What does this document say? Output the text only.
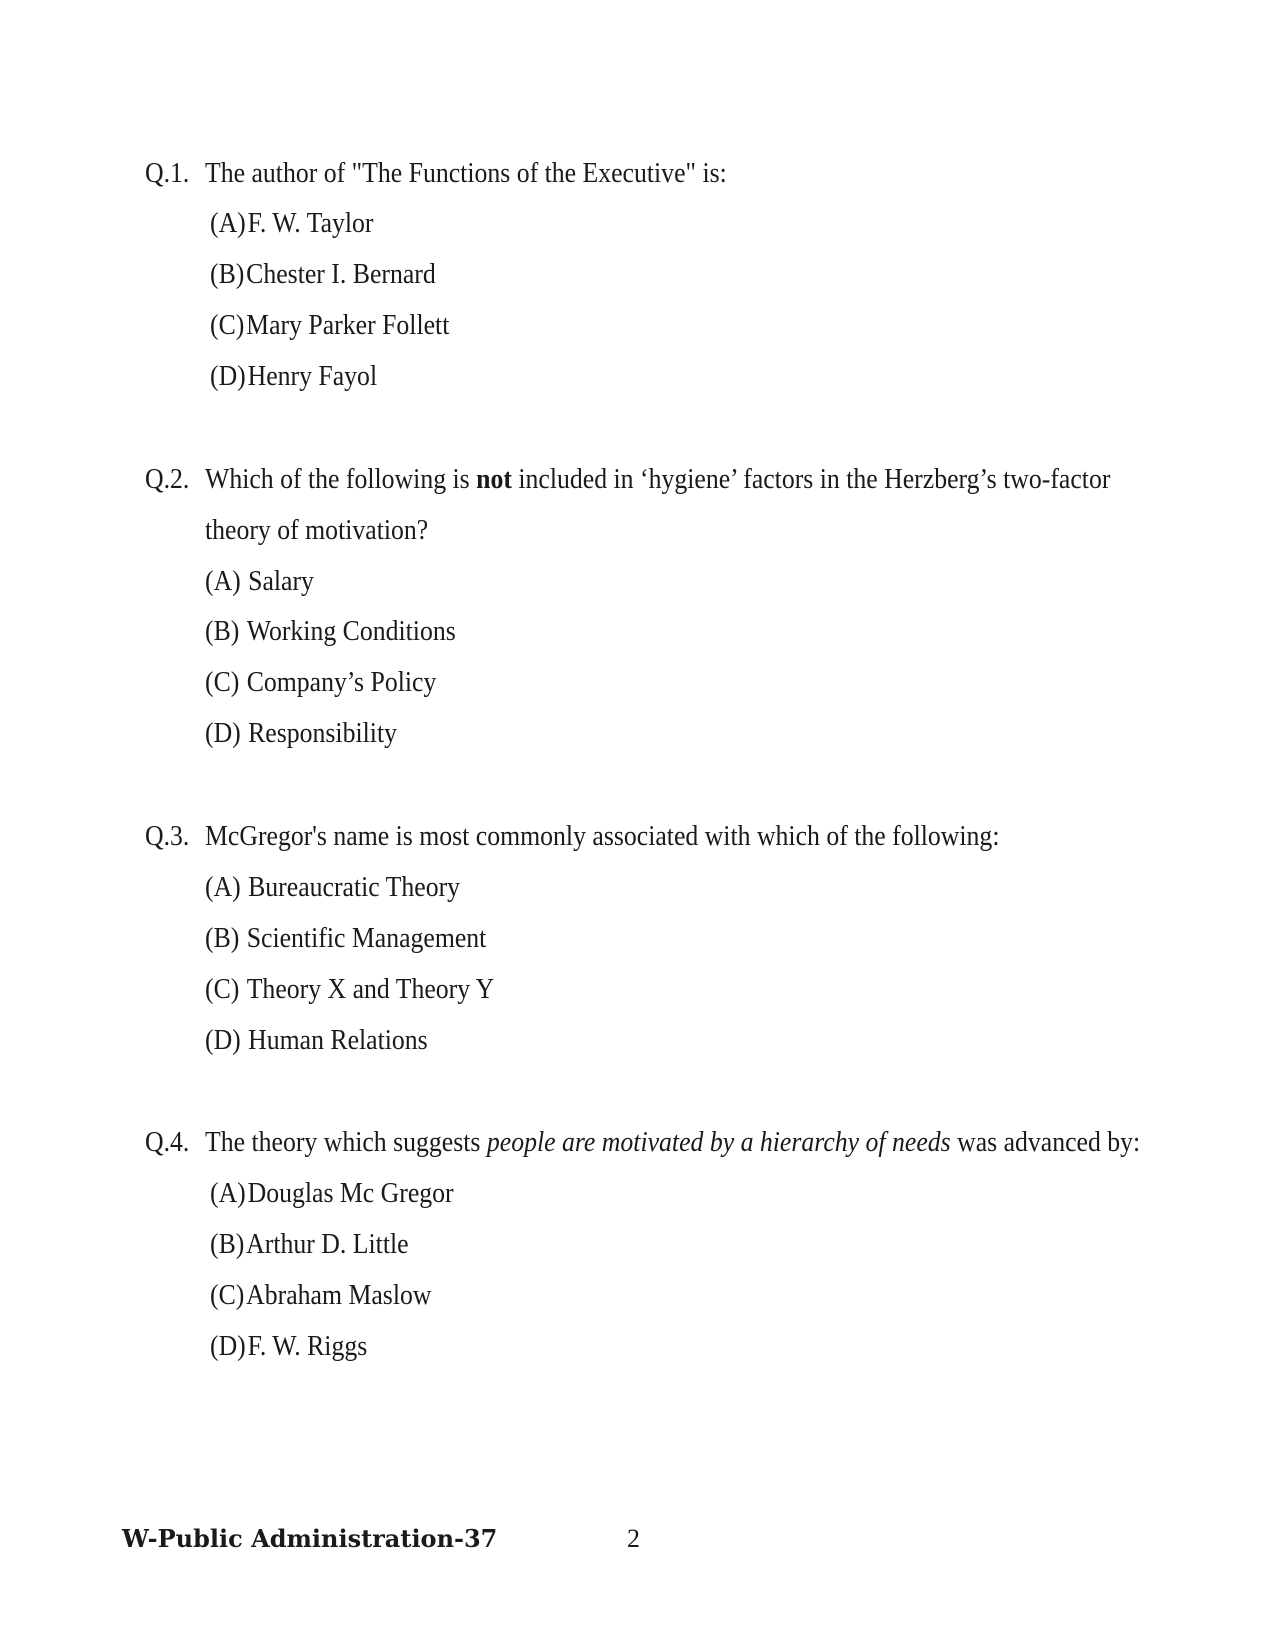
Q.1. The author of "The Functions of the Executive" is:
(A)F. W. Taylor
(B)Chester I. Bernard
(C)Mary Parker Follett
(D)Henry Fayol
Q.2. Which of the following is not included in ‘hygiene’ factors in the Herzberg’s two-factor
theory of motivation?
(A) Salary
(B) Working Conditions
(C) Company’s Policy
(D) Responsibility
Q.3. McGregor's name is most commonly associated with which of the following:
(A) Bureaucratic Theory
(B) Scientific Management
(C) Theory X and Theory Y
(D) Human Relations
Q.4. The theory which suggests people are motivated by a hierarchy of needs was advanced by:
(A)Douglas Mc Gregor
(B)Arthur D. Little
(C)Abraham Maslow
(D)F. W. Riggs
W-Public Administration-37	2
